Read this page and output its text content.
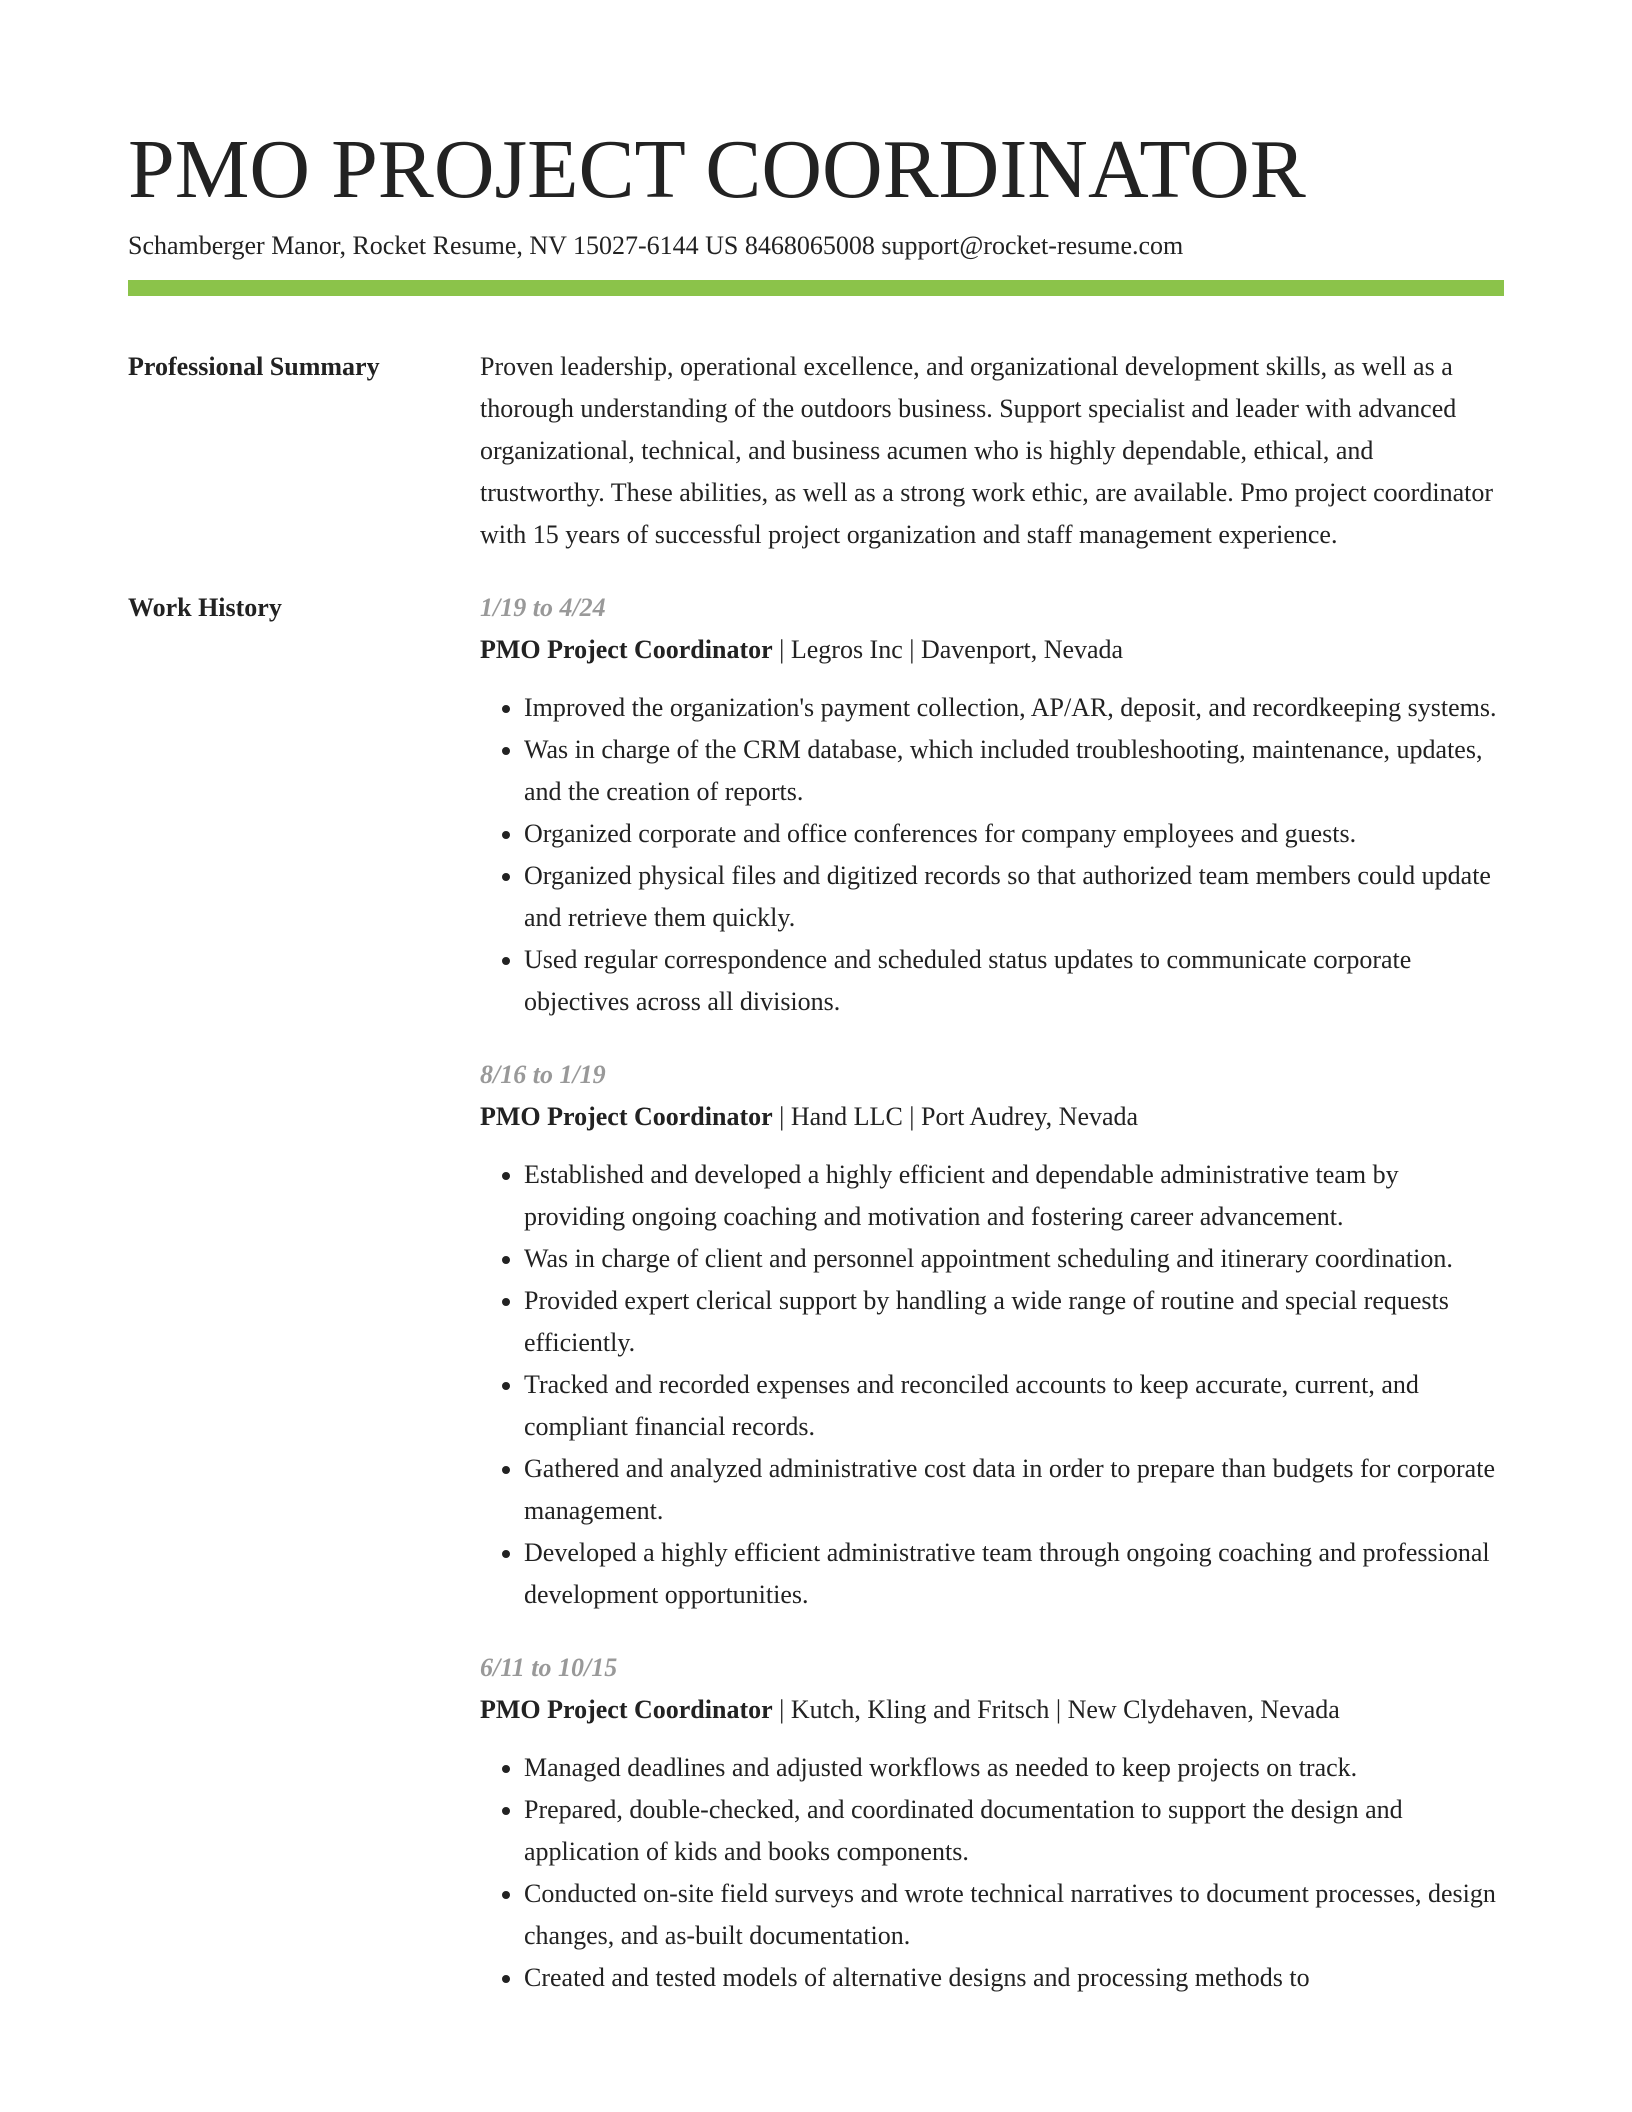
PMO PROJECT COORDINATOR
Schamberger Manor, Rocket Resume, NV 15027-6144 US 8468065008 support@rocket-resume.com
Professional Summary	Proven leadership, operational excellence, and organizational development skills, as well as a thorough understanding of the outdoors business. Support specialist and leader with advanced organizational, technical, and business acumen who is highly dependable, ethical, and trustworthy. These abilities, as well as a strong work ethic, are available. Pmo project coordinator with 15 years of successful project organization and staff management experience.

Work History	1/19 to 4/24
PMO Project Coordinator | Legros Inc | Davenport, Nevada
• Improved the organization's payment collection, AP/AR, deposit, and recordkeeping systems.
• Was in charge of the CRM database, which included troubleshooting, maintenance, updates, and the creation of reports.
• Organized corporate and office conferences for company employees and guests.
• Organized physical files and digitized records so that authorized team members could update and retrieve them quickly.
• Used regular correspondence and scheduled status updates to communicate corporate objectives across all divisions.
8/16 to 1/19
PMO Project Coordinator | Hand LLC | Port Audrey, Nevada
• Established and developed a highly efficient and dependable administrative team by providing ongoing coaching and motivation and fostering career advancement.
• Was in charge of client and personnel appointment scheduling and itinerary coordination.
• Provided expert clerical support by handling a wide range of routine and special requests efficiently.
• Tracked and recorded expenses and reconciled accounts to keep accurate, current, and compliant financial records.
• Gathered and analyzed administrative cost data in order to prepare than budgets for corporate management.
• Developed a highly efficient administrative team through ongoing coaching and professional development opportunities.
6/11 to 10/15
PMO Project Coordinator | Kutch, Kling and Fritsch | New Clydehaven, Nevada
• Managed deadlines and adjusted workflows as needed to keep projects on track.
• Prepared, double-checked, and coordinated documentation to support the design and application of kids and books components.
• Conducted on-site field surveys and wrote technical narratives to document processes, design changes, and as-built documentation.
• Created and tested models of alternative designs and processing methods to
